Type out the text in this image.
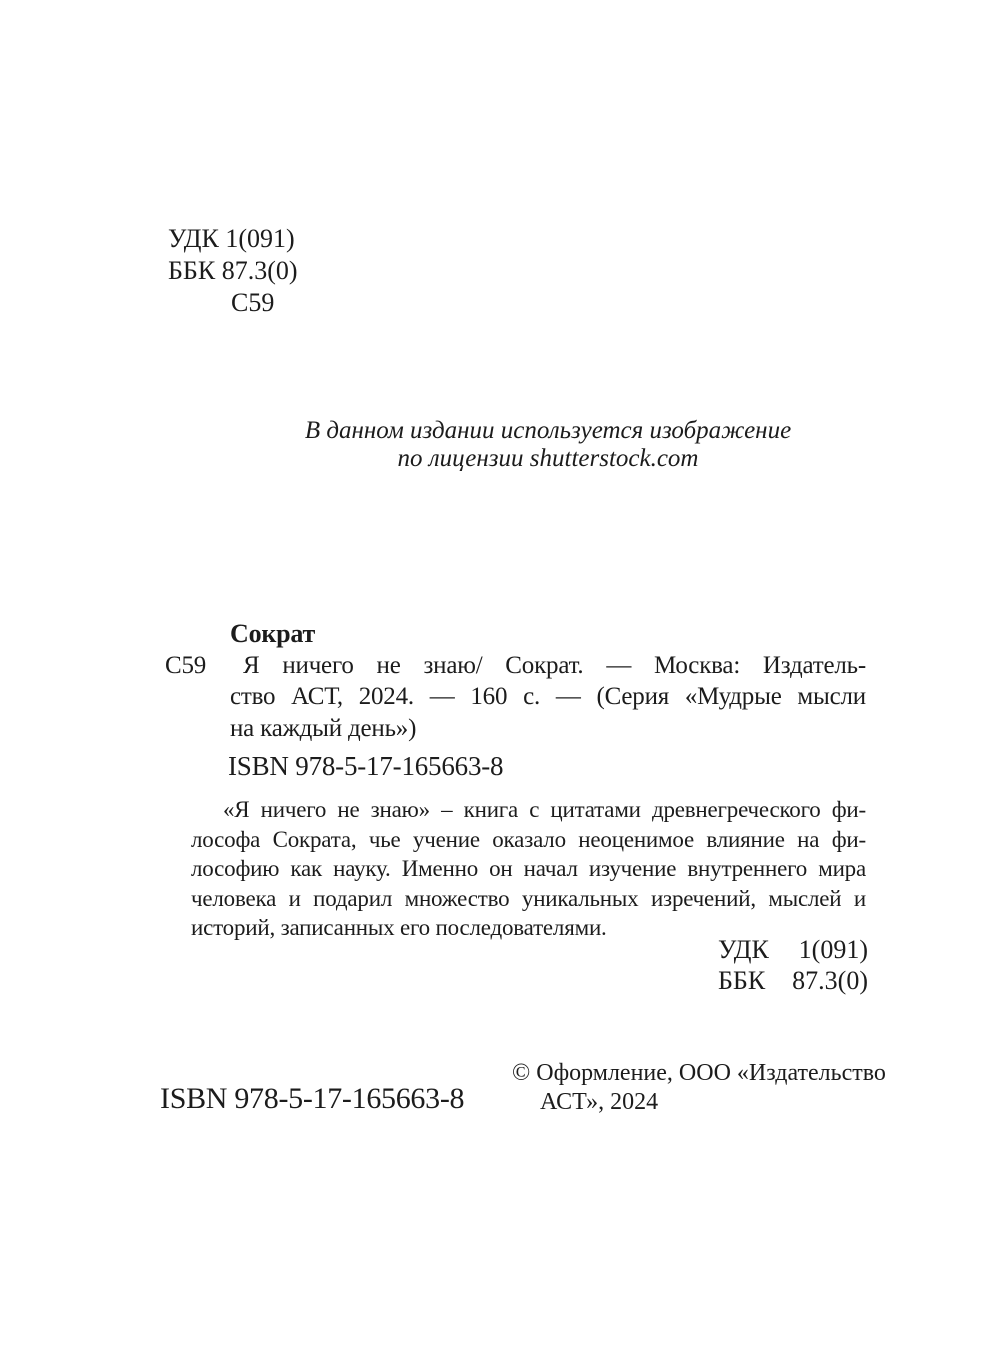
УДК 1(091)
ББК 87.3(0)
С59
В данном издании используется изображение
по лицензии shutterstock.com
Сократ
С59	Я ничего не знаю/ Сократ. — Москва: Издатель-
ство АСТ, 2024. — 160 с. — (Серия «Мудрые мысли
на каждый день»)
ISBN 978-5-17-165663-8
«Я ничего не знаю» – книга с цитатами древнегреческого фи-
лософа Сократа, чье учение оказало неоценимое влияние на фи-
лософию как науку. Именно он начал изучение внутреннего мира
человека и подарил множество уникальных изречений, мыслей и
историй, записанных его последователями.
УДК 1(091)
ББК 87.3(0)
ISBN 978-5-17-165663-8
© Оформление, ООО «Издательство
АСТ», 2024
